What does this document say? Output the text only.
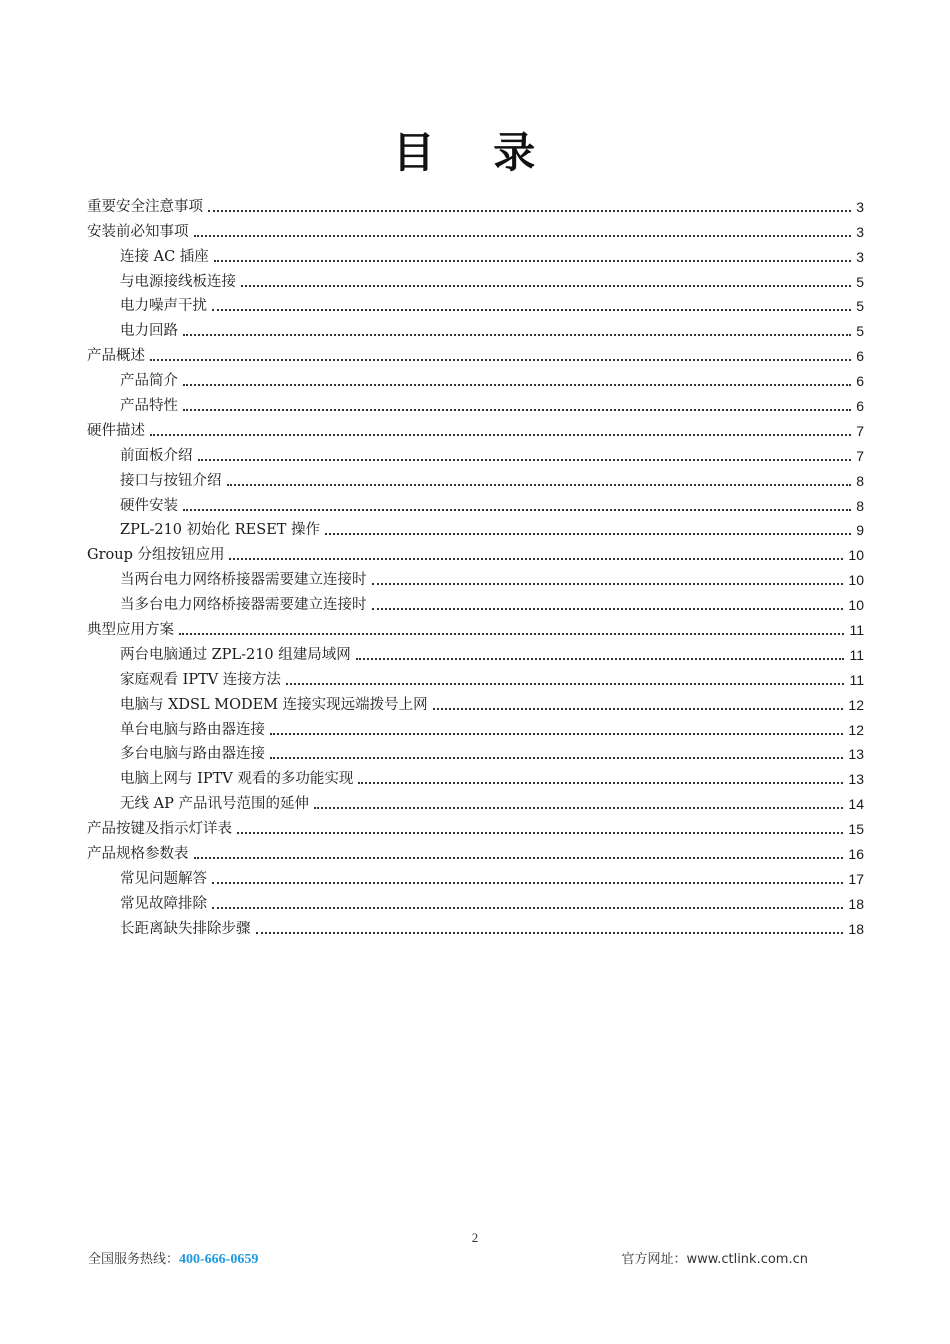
目 录
重要安全注意事项	3
安装前必知事项	3
连接 AC 插座	3
与电源接线板连接	5
电力噪声干扰	5
电力回路	5
产品概述	6
产品简介	6
产品特性	6
硬件描述	7
前面板介绍	7
接口与按钮介绍	8
硬件安装	8
ZPL-210 初始化 RESET 操作	9
Group 分组按钮应用	10
当两台电力网络桥接器需要建立连接时	10
当多台电力网络桥接器需要建立连接时	10
典型应用方案	11
两台电脑通过 ZPL-210 组建局域网	11
家庭观看 IPTV 连接方法	11
电脑与 XDSL MODEM 连接实现远端拨号上网	12
单台电脑与路由器连接	12
多台电脑与路由器连接	13
电脑上网与 IPTV 观看的多功能实现	13
无线 AP 产品讯号范围的延伸	14
产品按键及指示灯详表	15
产品规格参数表	16
常见问题解答	17
常见故障排除	18
长距离缺失排除步骤	18
2
全国服务热线：400-666-0659	官方网址：www.ctlink.com.cn
